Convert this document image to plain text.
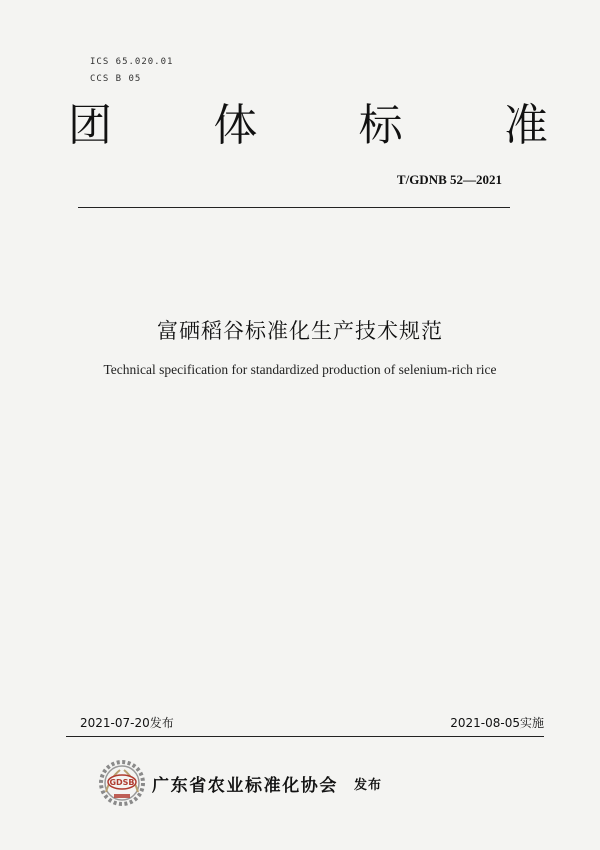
ICS 65.020.01
CCS B 05
团 体 标 准
T/GDNB 52—2021
富硒稻谷标准化生产技术规范
Technical specification for standardized production of selenium-rich rice
2021-07-20发布	2021-08-05实施
GDSB 广东省农业标准化协会 发布
